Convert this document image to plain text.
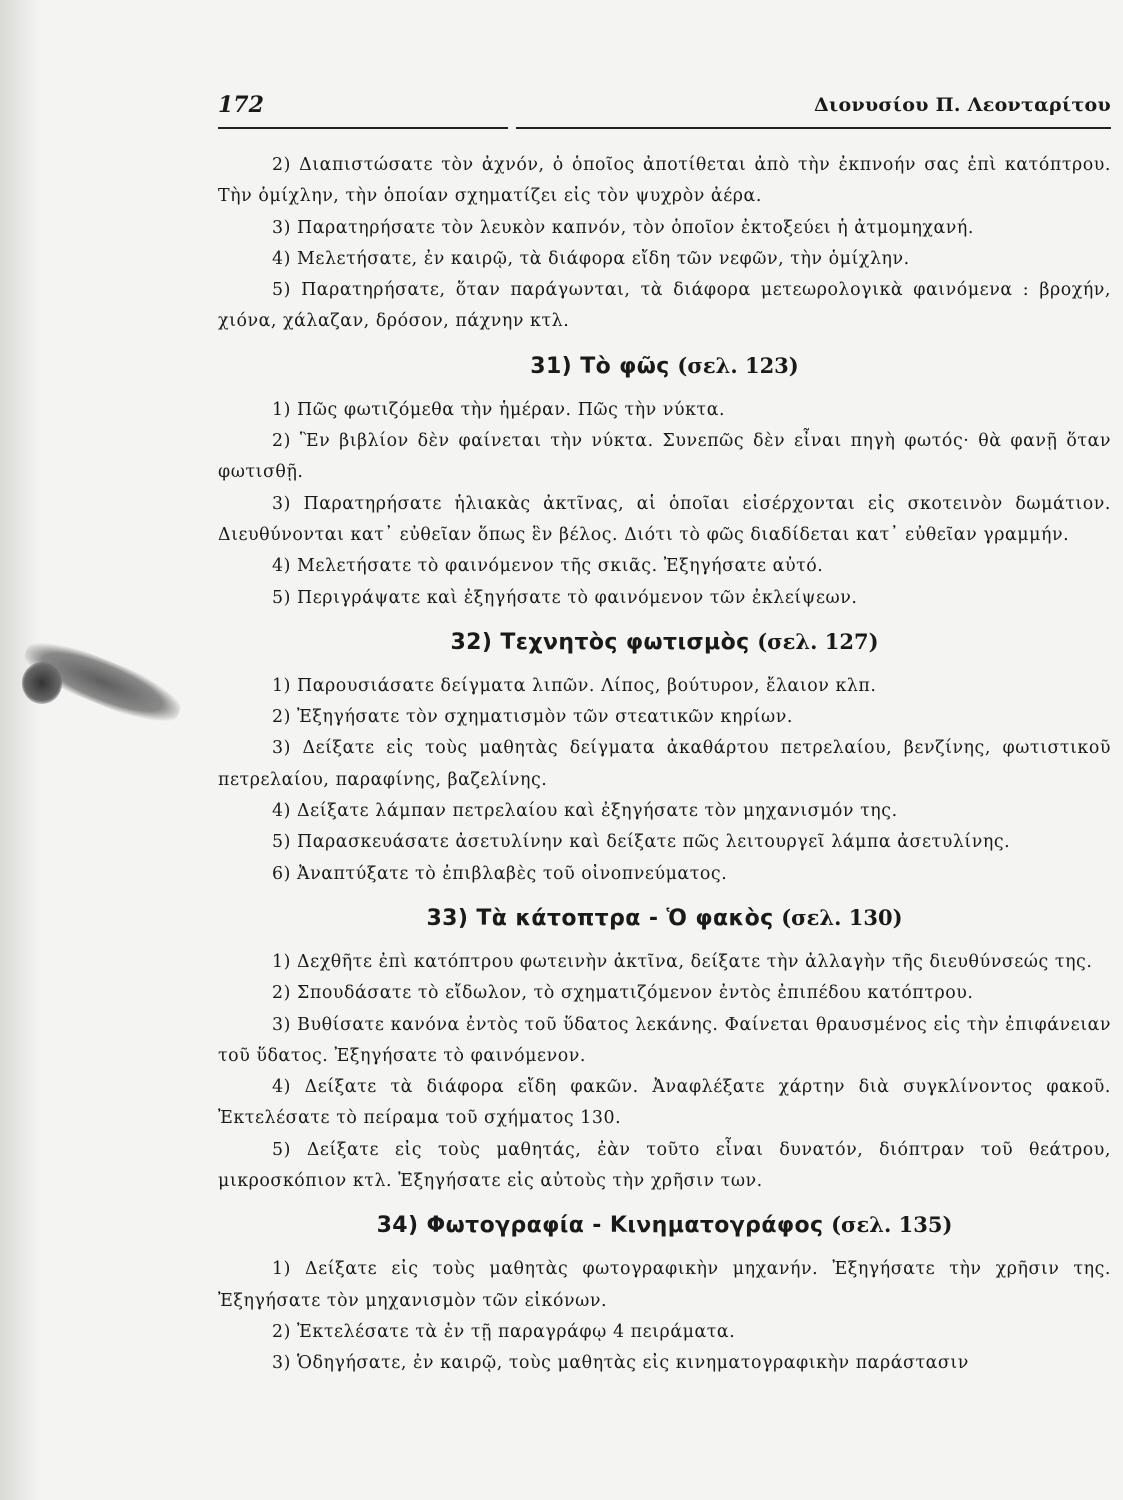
172	Διονυσίου Π. Λεονταρίτου

2) Διαπιστώσατε τὸν ἀχνόν, ὁ ὁποῖος ἀποτίθεται ἀπὸ τὴν ἐκπνοήν σας ἐπὶ κατόπτρου. Τὴν ὁμίχλην, τὴν ὁποίαν σχηματίζει εἰς τὸν ψυχρὸν ἀέρα.

3) Παρατηρήσατε τὸν λευκὸν καπνόν, τὸν ὁποῖον ἐκτοξεύει ἡ ἀτμομηχανή.

4) Μελετήσατε, ἐν καιρῷ, τὰ διάφορα εἴδη τῶν νεφῶν, τὴν ὁμίχλην.

5) Παρατηρήσατε, ὅταν παράγωνται, τὰ διάφορα μετεωρολογικὰ φαινόμενα : βροχήν, χιόνα, χάλαζαν, δρόσον, πάχνην κτλ.

31) Τὸ φῶς (σελ. 123)

1) Πῶς φωτιζόμεθα τὴν ἡμέραν. Πῶς τὴν νύκτα.

2) Ἓν βιβλίον δὲν φαίνεται τὴν νύκτα. Συνεπῶς δὲν εἶναι πηγὴ φωτός· θὰ φανῇ ὅταν φωτισθῇ.

3) Παρατηρήσατε ἡλιακὰς ἀκτῖνας, αἱ ὁποῖαι εἰσέρχονται εἰς σκοτεινὸν δωμάτιον. Διευθύνονται κατ᾽ εὐθεῖαν ὅπως ἓν βέλος. Διότι τὸ φῶς διαδίδεται κατ᾽ εὐθεῖαν γραμμήν.

4) Μελετήσατε τὸ φαινόμενον τῆς σκιᾶς. Ἐξηγήσατε αὐτό.

5) Περιγράψατε καὶ ἐξηγήσατε τὸ φαινόμενον τῶν ἐκλείψεων.

32) Τεχνητὸς φωτισμὸς (σελ. 127)

1) Παρουσιάσατε δείγματα λιπῶν. Λίπος, βούτυρον, ἔλαιον κλπ.

2) Ἐξηγήσατε τὸν σχηματισμὸν τῶν στεατικῶν κηρίων.

3) Δείξατε εἰς τοὺς μαθητὰς δείγματα ἀκαθάρτου πετρελαίου, βενζίνης, φωτιστικοῦ πετρελαίου, παραφίνης, βαζελίνης.

4) Δείξατε λάμπαν πετρελαίου καὶ ἐξηγήσατε τὸν μηχανισμόν της.

5) Παρασκευάσατε ἀσετυλίνην καὶ δείξατε πῶς λειτουργεῖ λάμπα ἀσετυλίνης.

6) Ἀναπτύξατε τὸ ἐπιβλαβὲς τοῦ οἰνοπνεύματος.

33) Τὰ κάτοπτρα - Ὁ φακὸς (σελ. 130)

1) Δεχθῆτε ἐπὶ κατόπτρου φωτεινὴν ἀκτῖνα, δείξατε τὴν ἀλλαγὴν τῆς διευθύνσεώς της.

2) Σπουδάσατε τὸ εἴδωλον, τὸ σχηματιζόμενον ἐντὸς ἐπιπέδου κατόπτρου.

3) Βυθίσατε κανόνα ἐντὸς τοῦ ὕδατος λεκάνης. Φαίνεται θραυσμένος εἰς τὴν ἐπιφάνειαν τοῦ ὕδατος. Ἐξηγήσατε τὸ φαινόμενον.

4) Δείξατε τὰ διάφορα εἴδη φακῶν. Ἀναφλέξατε χάρτην διὰ συγκλίνοντος φακοῦ. Ἐκτελέσατε τὸ πείραμα τοῦ σχήματος 130.

5) Δείξατε εἰς τοὺς μαθητάς, ἐὰν τοῦτο εἶναι δυνατόν, διόπτραν τοῦ θεάτρου, μικροσκόπιον κτλ. Ἐξηγήσατε εἰς αὐτοὺς τὴν χρῆσιν των.

34) Φωτογραφία - Κινηματογράφος (σελ. 135)

1) Δείξατε εἰς τοὺς μαθητὰς φωτογραφικὴν μηχανήν. Ἐξηγήσατε τὴν χρῆσιν της. Ἐξηγήσατε τὸν μηχανισμὸν τῶν εἰκόνων.

2) Ἐκτελέσατε τὰ ἐν τῇ παραγράφῳ 4 πειράματα.

3) Ὁδηγήσατε, ἐν καιρῷ, τοὺς μαθητὰς εἰς κινηματογραφικὴν παράστασιν
